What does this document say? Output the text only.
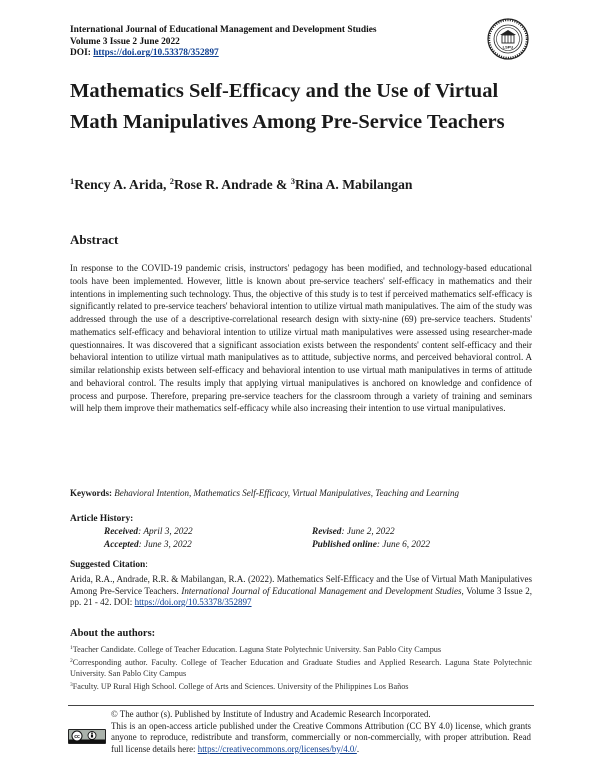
International Journal of Educational Management and Development Studies
Volume 3 Issue 2 June 2022
DOI: https://doi.org/10.53378/352897
LSPU
Mathematics Self-Efficacy and the Use of Virtual Math Manipulatives Among Pre-Service Teachers
$^1$Rency A. Arida, $^2$Rose R. Andrade & $^3$Rina A. Mabilangan
Abstract

In response to the COVID-19 pandemic crisis, instructors' pedagogy has been modified, and technology-based educational tools have been implemented. However, little is known about pre-service teachers' self-efficacy in mathematics and their intentions in implementing such technology. Thus, the objective of this study is to test if perceived mathematics self-efficacy is significantly related to pre-service teachers' behavioral intention to utilize virtual math manipulatives. The aim of the study was addressed through the use of a descriptive-correlational research design with sixty-nine (69) pre-service teachers. Students' mathematics self-efficacy and behavioral intention to utilize virtual math manipulatives were assessed using researcher-made questionnaires. It was discovered that a significant association exists between the respondents' content self-efficacy and their behavioral intention to utilize virtual math manipulatives as to attitude, subjective norms, and perceived behavioral control. A similar relationship exists between self-efficacy and behavioral intention to use virtual math manipulatives in terms of attitude and behavioral control. The results imply that applying virtual manipulatives is anchored on knowledge and confidence of process and purpose. Therefore, preparing pre-service teachers for the classroom through a variety of training and seminars will help them improve their mathematics self-efficacy while also increasing their intention to use virtual manipulatives.

Keywords: Behavioral Intention, Mathematics Self-Efficacy, Virtual Manipulatives, Teaching and Learning
Article History:
Received: April 3, 2022	Revised: June 2, 2022
Accepted: June 3, 2022	Published online: June 6, 2022
Suggested Citation:

Arida, R.A., Andrade, R.R. & Mabilangan, R.A. (2022). Mathematics Self-Efficacy and the Use of Virtual Math Manipulatives Among Pre-Service Teachers. International Journal of Educational Management and Development Studies, Volume 3 Issue 2, pp. 21 - 42. DOI: https://doi.org/10.53378/352897

About the authors:

$^1$Teacher Candidate. College of Teacher Education. Laguna State Polytechnic University. San Pablo City Campus

$^2$Corresponding author. Faculty. College of Teacher Education and Graduate Studies and Applied Research. Laguna State Polytechnic University. San Pablo City Campus

$^3$Faculty. UP Rural High School. College of Arts and Sciences. University of the Philippines Los Baños

cc

© The author (s). Published by Institute of Industry and Academic Research Incorporated.
This is an open-access article published under the Creative Commons Attribution (CC BY 4.0) license, which grants anyone to reproduce, redistribute and transform, commercially or non-commercially, with proper attribution. Read full license details here: https://creativecommons.org/licenses/by/4.0/.
